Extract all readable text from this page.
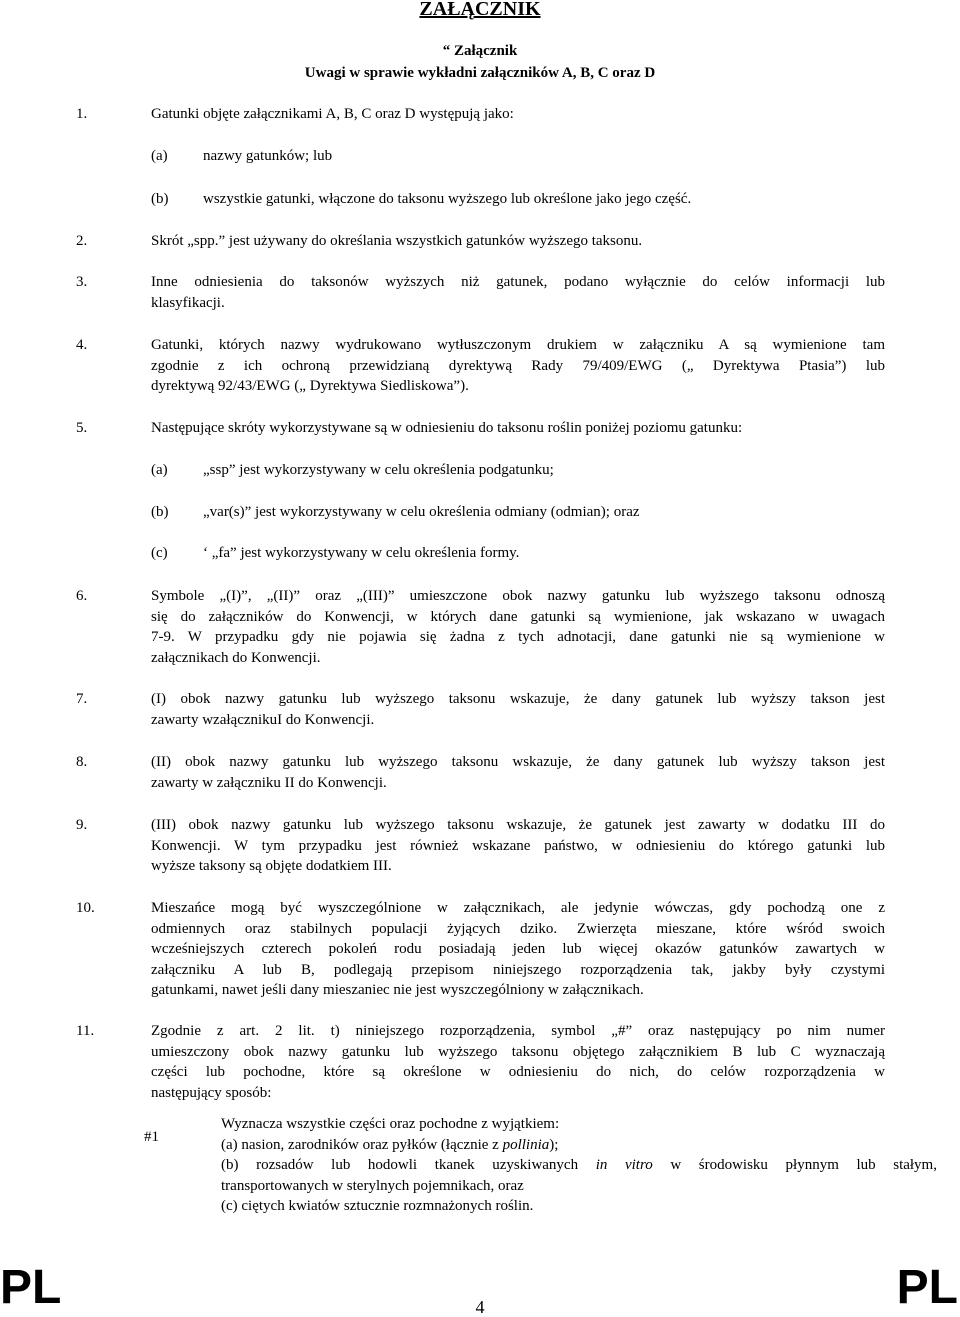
ZAŁĄCZNIK
“ Załącznik
Uwagi w sprawie wykładni załączników A, B, C oraz D
1.	Gatunki objęte załącznikami A, B, C oraz D występują jako:
(a) nazwy gatunków; lub
(b) wszystkie gatunki, włączone do taksonu wyższego lub określone jako jego część.
2.	Skrót „spp.” jest używany do określania wszystkich gatunków wyższego taksonu.
3.	Inne odniesienia do taksonów wyższych niż gatunek, podano wyłącznie do celów informacji lub
klasyfikacji.
4.	Gatunki, których nazwy wydrukowano wytłuszczonym drukiem w załączniku A są wymienione tam
zgodnie z ich ochroną przewidzianą dyrektywą Rady 79/409/EWG („ Dyrektywa Ptasia”) lub
dyrektywą 92/43/EWG („ Dyrektywa Siedliskowa”).
5.	Następujące skróty wykorzystywane są w odniesieniu do taksonu roślin poniżej poziomu gatunku:
(a) „ssp” jest wykorzystywany w celu określenia podgatunku;
(b) „var(s)” jest wykorzystywany w celu określenia odmiany (odmian); oraz
(c) ‘ „fa” jest wykorzystywany w celu określenia formy.
6.	Symbole „(I)”, „(II)” oraz „(III)” umieszczone obok nazwy gatunku lub wyższego taksonu odnoszą
się do załączników do Konwencji, w których dane gatunki są wymienione, jak wskazano w uwagach
7-9. W przypadku gdy nie pojawia się żadna z tych adnotacji, dane gatunki nie są wymienione w
załącznikach do Konwencji.
7.	(I) obok nazwy gatunku lub wyższego taksonu wskazuje, że dany gatunek lub wyższy takson jest
zawarty wzałącznikuI do Konwencji.
8.	(II) obok nazwy gatunku lub wyższego taksonu wskazuje, że dany gatunek lub wyższy takson jest
zawarty w załączniku II do Konwencji.
9.	(III) obok nazwy gatunku lub wyższego taksonu wskazuje, że gatunek jest zawarty w dodatku III do
Konwencji. W tym przypadku jest również wskazane państwo, w odniesieniu do którego gatunki lub
wyższe taksony są objęte dodatkiem III.
10.	Mieszańce mogą być wyszczególnione w załącznikach, ale jedynie wówczas, gdy pochodzą one z
odmiennych oraz stabilnych populacji żyjących dziko. Zwierzęta mieszane, które wśród swoich
wcześniejszych czterech pokoleń rodu posiadają jeden lub więcej okazów gatunków zawartych w
załączniku A lub B, podlegają przepisom niniejszego rozporządzenia tak, jakby były czystymi
gatunkami, nawet jeśli dany mieszaniec nie jest wyszczególniony w załącznikach.
11.	Zgodnie z art. 2 lit. t) niniejszego rozporządzenia, symbol „#” oraz następujący po nim numer
umieszczony obok nazwy gatunku lub wyższego taksonu objętego załącznikiem B lub C wyznaczają
części lub pochodne, które są określone w odniesieniu do nich, do celów rozporządzenia w
następujący sposób:
#1
Wyznacza wszystkie części oraz pochodne z wyjątkiem:
(a) nasion, zarodników oraz pyłków (łącznie z pollinia);
(b) rozsadów lub hodowli tkanek uzyskiwanych in vitro w środowisku płynnym lub stałym,
transportowanych w sterylnych pojemnikach, oraz
(c) ciętych kwiatów sztucznie rozmnażonych roślin.
PL	PL
4
